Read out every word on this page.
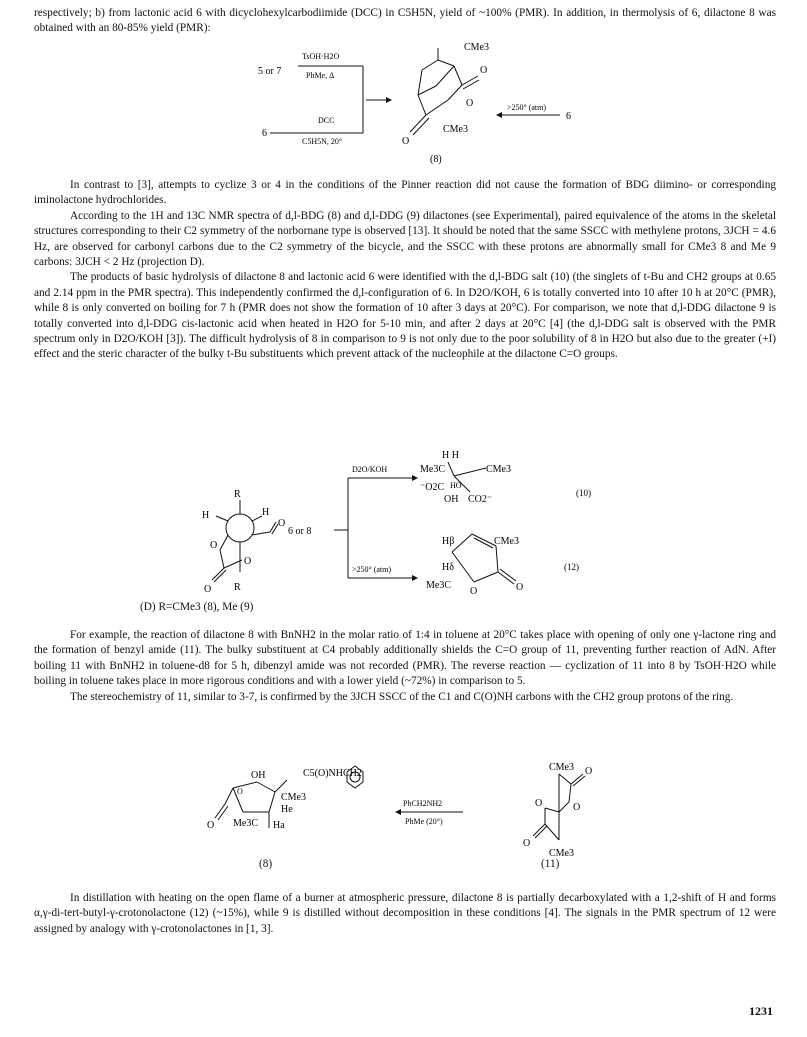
respectively; b) from lactonic acid 6 with dicyclohexylcarbodiimide (DCC) in C5H5N, yield of ~100% (PMR). In addition, in thermolysis of 6, dilactone 8 was obtained with an 80-85% yield (PMR):

5 or 7
TsOH·H2O
PhMe, Δ
DCC
6
C5H5N, 20°
CMe3
O
O
O
CMe3
(8)
>250° (atm)
6

In contrast to [3], attempts to cyclize 3 or 4 in the conditions of the Pinner reaction did not cause the formation of BDG diimino- or corresponding iminolactone hydrochlorides.

According to the 1H and 13C NMR spectra of d,l-BDG (8) and d,l-DDG (9) dilactones (see Experimental), paired equivalence of the atoms in the skeletal structures corresponding to their C2 symmetry of the norbornane type is observed [13]. It should be noted that the same SSCC with methylene protons, 3JCH = 4.6 Hz, are observed for carbonyl carbons due to the C2 symmetry of the bicycle, and the SSCC with these protons are abnormally small for CMe3 8 and Me 9 carbons: 3JCH < 2 Hz (projection D).

The products of basic hydrolysis of dilactone 8 and lactonic acid 6 were identified with the d,l-BDG salt (10) (the singlets of t-Bu and CH2 groups at 0.65 and 2.14 ppm in the PMR spectra). This independently confirmed the d,l-configuration of 6. In D2O/KOH, 6 is totally converted into 10 after 10 h at 20°C (PMR), while 8 is only converted on boiling for 7 h (PMR does not show the formation of 10 after 3 days at 20°C). For comparison, we note that d,l-DDG dilactone 9 is totally converted into d,l-DDG cis-lactonic acid when heated in H2O for 5-10 min, and after 2 days at 20°C [4] (the d,l-DDG salt is observed with the PMR spectrum only in D2O/KOH [3]). The difficult hydrolysis of 8 in comparison to 9 is not only due to the poor solubility of 8 in H2O but also due to the greater (+I) effect and the steric character of the bulky t-Bu substituents which prevent attack of the nucleophile at the dilactone C=O groups.

R
R
H	H
O
O
O
O
6 or 8
D2O/KOH
>250° (atm)
H H
Me3C	CMe3
⁻O2C HO
OH CO2⁻
(10)
Hβ	CMe3
Hδ
Me3C
O	O
(12)
(D) R=CMe3 (8), Me (9)

For example, the reaction of dilactone 8 with BnNH2 in the molar ratio of 1:4 in toluene at 20°C takes place with opening of only one γ-lactone ring and the formation of benzyl amide (11). The bulky substituent at C4 probably additionally shields the C=O group of 11, preventing further reaction of AdN. After boiling 11 with BnNH2 in toluene-d8 for 5 h, dibenzyl amide was not recorded (PMR). The reverse reaction — cyclization of 11 into 8 by TsOH·H2O while boiling in toluene takes place in more rigorous conditions and with a lower yield (~72%) in comparison to 5.

The stereochemistry of 11, similar to 3-7, is confirmed by the 3JCH SSCC of the C1 and C(O)NH carbons with the CH2 group protons of the ring.

C5(O)NHCH2
OH
CMe3
He
Ha
Me3C
O
O
PhCH2NH2
PhMe (20°)
CMe3 O
O
O
O
CMe3
(8)	(11)

In distillation with heating on the open flame of a burner at atmospheric pressure, dilactone 8 is partially decarboxylated with a 1,2-shift of H and forms α,γ-di-tert-butyl-γ-crotonolactone (12) (~15%), while 9 is distilled without decomposition in these conditions [4]. The signals in the PMR spectrum of 12 were assigned by analogy with γ-crotonolactones in [1, 3].

1231
